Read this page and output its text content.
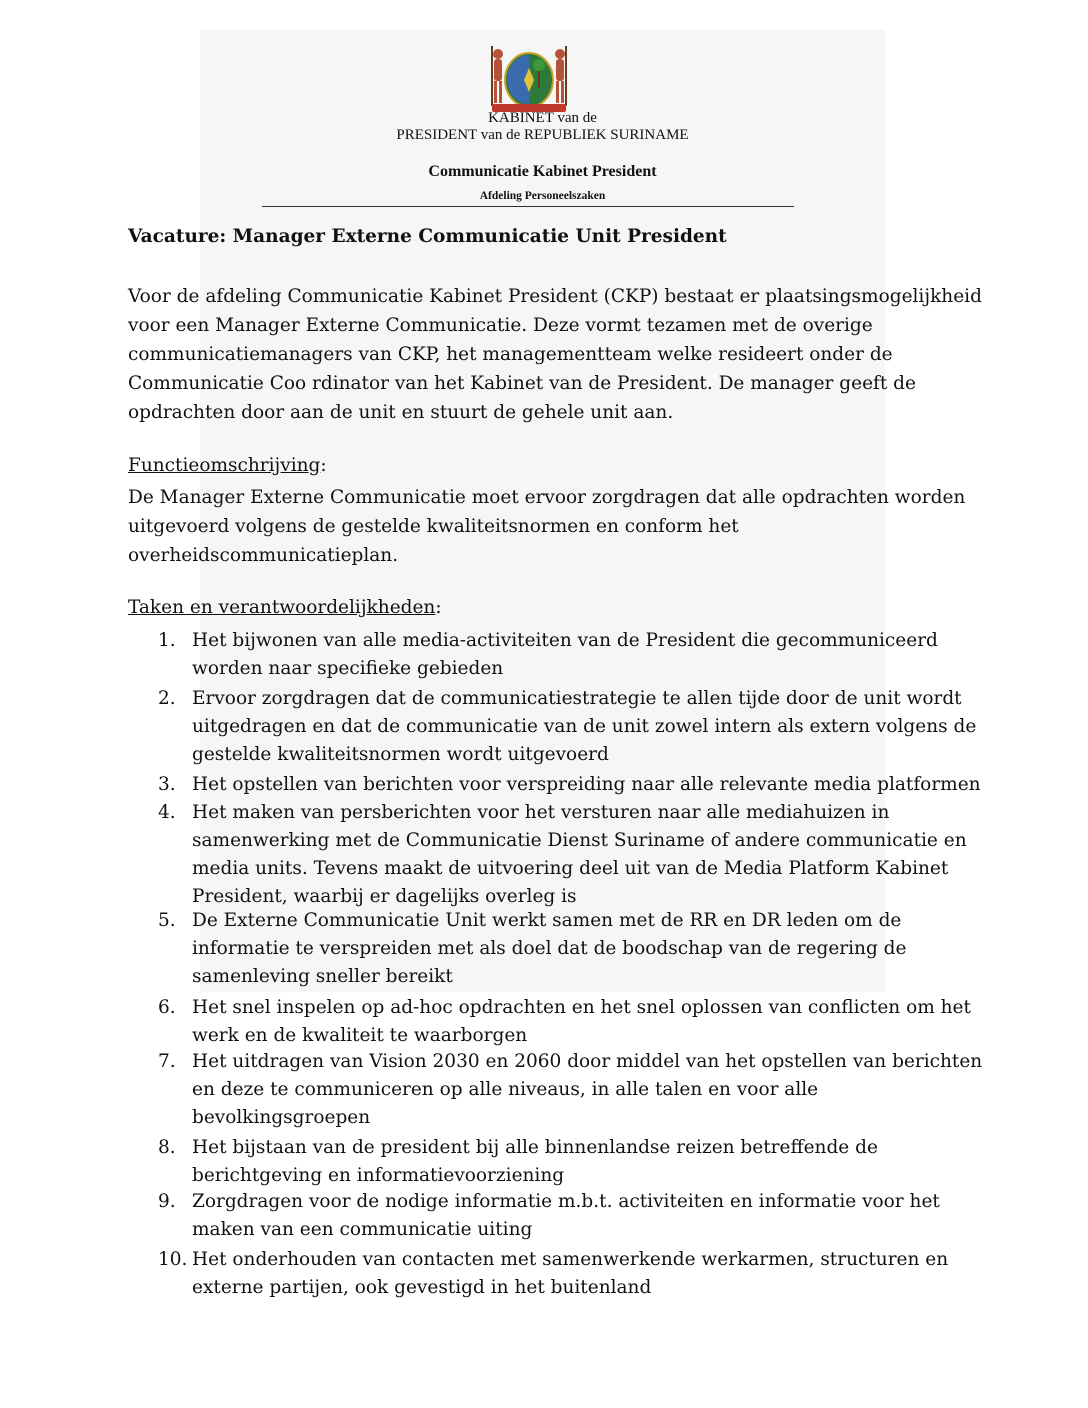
KABINET van de
PRESIDENT van de REPUBLIEK SURINAME
Communicatie Kabinet President
Afdeling Personeelszaken
Vacature: Manager Externe Communicatie Unit President
Voor de afdeling Communicatie Kabinet President (CKP) bestaat er plaatsingsmogelijkheid
voor een Manager Externe Communicatie. Deze vormt tezamen met de overige
communicatiemanagers van CKP, het managementteam welke resideert onder de
Communicatie Coo rdinator van het Kabinet van de President. De manager geeft de
opdrachten door aan de unit en stuurt de gehele unit aan.
Functieomschrijving:
De Manager Externe Communicatie moet ervoor zorgdragen dat alle opdrachten worden
uitgevoerd volgens de gestelde kwaliteitsnormen en conform het
overheidscommunicatieplan.
Taken en verantwoordelijkheden:
1. Het bijwonen van alle media-activiteiten van de President die gecommuniceerd
worden naar specifieke gebieden
2. Ervoor zorgdragen dat de communicatiestrategie te allen tijde door de unit wordt
uitgedragen en dat de communicatie van de unit zowel intern als extern volgens de
gestelde kwaliteitsnormen wordt uitgevoerd
3. Het opstellen van berichten voor verspreiding naar alle relevante media platformen
4. Het maken van persberichten voor het versturen naar alle mediahuizen in
samenwerking met de Communicatie Dienst Suriname of andere communicatie en
media units. Tevens maakt de uitvoering deel uit van de Media Platform Kabinet
President, waarbij er dagelijks overleg is
5. De Externe Communicatie Unit werkt samen met de RR en DR leden om de
informatie te verspreiden met als doel dat de boodschap van de regering de
samenleving sneller bereikt
6. Het snel inspelen op ad-hoc opdrachten en het snel oplossen van conflicten om het
werk en de kwaliteit te waarborgen
7. Het uitdragen van Vision 2030 en 2060 door middel van het opstellen van berichten
en deze te communiceren op alle niveaus, in alle talen en voor alle
bevolkingsgroepen
8. Het bijstaan van de president bij alle binnenlandse reizen betreffende de
berichtgeving en informatievoorziening
9. Zorgdragen voor de nodige informatie m.b.t. activiteiten en informatie voor het
maken van een communicatie uiting
10. Het onderhouden van contacten met samenwerkende werkarmen, structuren en
externe partijen, ook gevestigd in het buitenland
